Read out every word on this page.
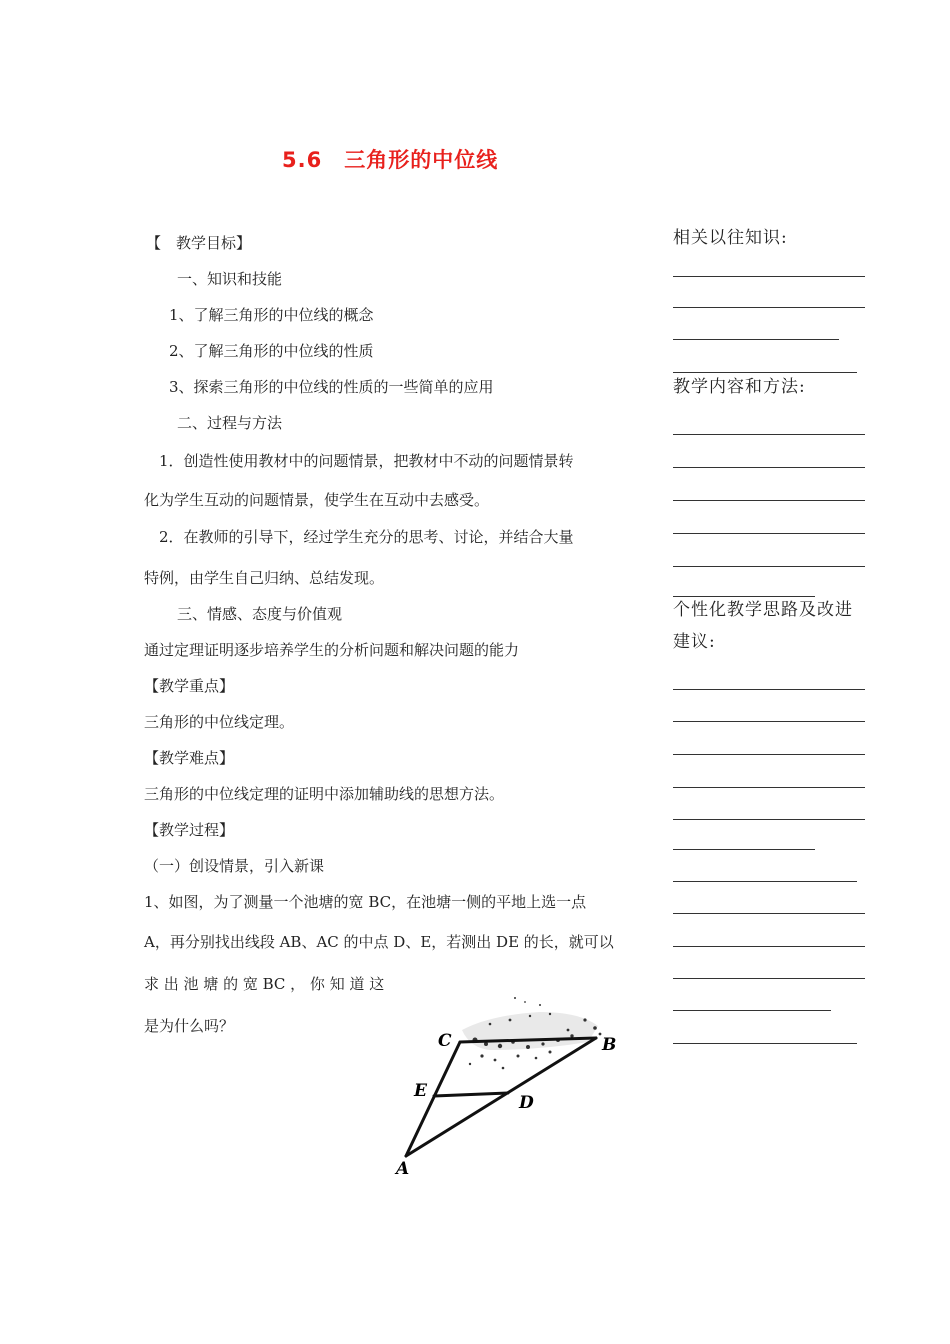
5.6　三角形的中位线
【　教学目标】
一、知识和技能
1、了解三角形的中位线的概念
2、了解三角形的中位线的性质
3、探索三角形的中位线的性质的一些简单的应用
二、过程与方法
1．创造性使用教材中的问题情景，把教材中不动的问题情景转
化为学生互动的问题情景，使学生在互动中去感受。
2．在教师的引导下，经过学生充分的思考、讨论，并结合大量
特例，由学生自己归纳、总结发现。
三、情感、态度与价值观
通过定理证明逐步培养学生的分析问题和解决问题的能力
【教学重点】
三角形的中位线定理。
【教学难点】
三角形的中位线定理的证明中添加辅助线的思想方法。
【教学过程】
（一）创设情景，引入新课
1、如图，为了测量一个池塘的宽 BC，在池塘一侧的平地上选一点
A，再分别找出线段 AB、AC 的中点 D、E，若测出 DE 的长，就可以
求 出 池 塘 的 宽 BC ， 你 知 道 这
是为什么吗？
相关以往知识:
教学内容和方法:
个性化教学思路及改进
建议:
C	B
E
D
A
